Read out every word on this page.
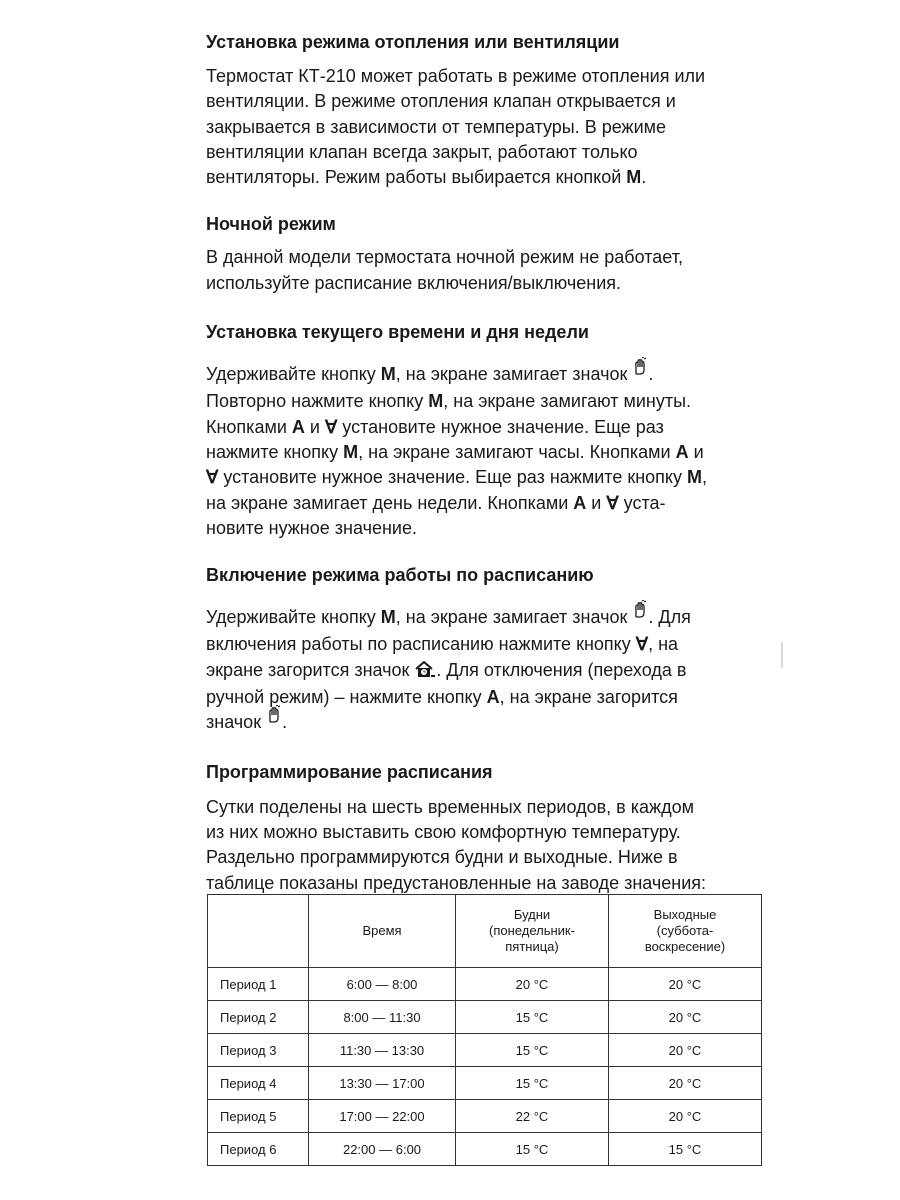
Установка режима отопления или вентиляции

Термостат КТ-210 может работать в режиме отопления или
вентиляции. В режиме отопления клапан открывается и
закрывается в зависимости от температуры. В режиме
вентиляции клапан всегда закрыт, работают только
вентиляторы. Режим работы выбирается кнопкой M.

Ночной режим

В данной модели термостата ночной режим не работает,
используйте расписание включения/выключения.

Установка текущего времени и дня недели

Удерживайте кнопку M, на экране замигает значок .
Повторно нажмите кнопку M, на экране замигают минуты.
Кнопками A и ∀ установите нужное значение. Еще раз
нажмите кнопку M, на экране замигают часы. Кнопками A и
∀ установите нужное значение. Еще раз нажмите кнопку M,
на экране замигает день недели. Кнопками A и ∀ уста-
новите нужное значение.

Включение режима работы по расписанию

Удерживайте кнопку M, на экране замигает значок . Для
включения работы по расписанию нажмите кнопку ∀, на
экране загорится значок . Для отключения (перехода в
ручной режим) – нажмите кнопку A, на экране загорится
значок .

Программирование расписания

Сутки поделены на шесть временных периодов, в каждом
из них можно выставить свою комфортную температуру.
Раздельно программируются будни и выходные. Ниже в
таблице показаны предустановленные на заводе значения:

	Время	Будни
(понедельник-
пятница)	Выходные
(суббота-
воскресение)
Период 1	6:00 — 8:00	20 °C	20 °C
Период 2	8:00 — 11:30	15 °C	20 °C
Период 3	11:30 — 13:30	15 °C	20 °C
Период 4	13:30 — 17:00	15 °C	20 °C
Период 5	17:00 — 22:00	22 °C	20 °C
Период 6	22:00 — 6:00	15 °C	15 °C
